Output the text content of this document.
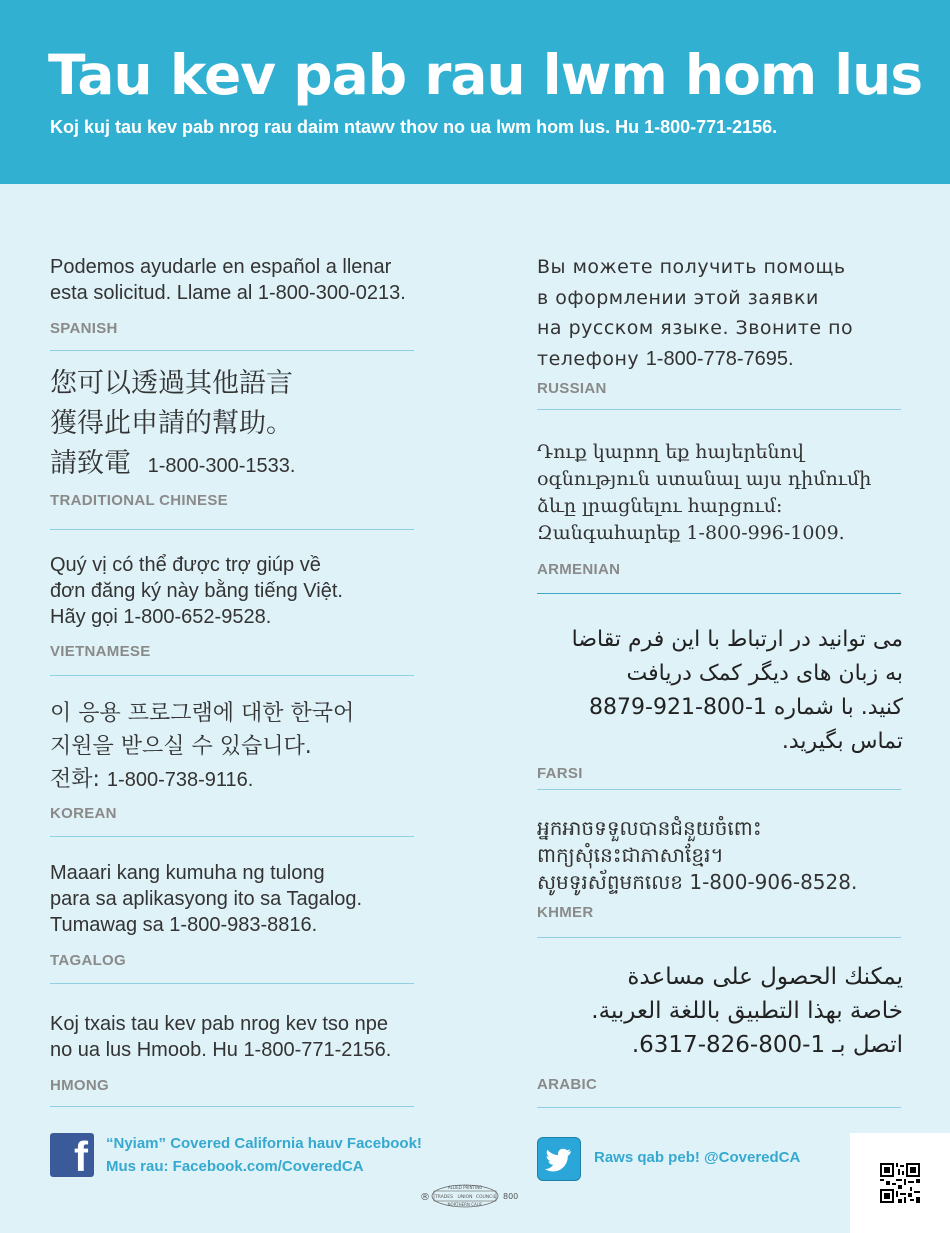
Tau kev pab rau lwm hom lus
Koj kuj tau kev pab nrog rau daim ntawv thov no ua lwm hom lus. Hu 1-800-771-2156.
Podemos ayudarle en español a llenar
esta solicitud. Llame al 1-800-300-0213.
SPANISH
您可以透過其他語言
獲得此申請的幫助。
請致電 1-800-300-1533.
TRADITIONAL CHINESE
Quý vị có thể được trợ giúp về
đơn đăng ký này bằng tiếng Việt.
Hãy gọi 1-800-652-9528.
VIETNAMESE
이 응용 프로그램에 대한 한국어
지원을 받으실 수 있습니다.
전화: 1-800-738-9116.
KOREAN
Maaari kang kumuha ng tulong
para sa aplikasyong ito sa Tagalog.
Tumawag sa 1-800-983-8816.
TAGALOG
Koj txais tau kev pab nrog kev tso npe
no ua lus Hmoob. Hu 1-800-771-2156.
HMONG
Вы можете получить помощь
в оформлении этой заявки
на русском языке. Звоните по
телефону 1-800-778-7695.
RUSSIAN
Դուք կարող եք հայերենով
օգնություն ստանալ այս դիմումի
ձևը լրացնելու հարցում:
Զանգահարեք 1-800-996-1009.
ARMENIAN
می توانید در ارتباط با این فرم تقاضا
به زبان های دیگر کمک دریافت
کنید. با شماره 1-800-921-8879
تماس بگیرید.
FARSI
អ្នកអាចទទួលបានជំនួយចំពោះ
ពាក្យសុំនេះជាភាសាខ្មែរ។
សូមទូរស័ព្ទមកលេខ 1-800-906-8528.
KHMER
يمكنك الحصول على مساعدة
خاصة بهذا التطبيق باللغة العربية.
اتصل بـ 1-800-826-6317.
ARABIC
f “Nyiam” Covered California hauv Facebook!
Mus rau: Facebook.com/CoveredCA
Raws qab peb! @CoveredCA
®
ALLIED PRINTING
TRADES UNION COUNCIL
NORTHERN CALIF
800
